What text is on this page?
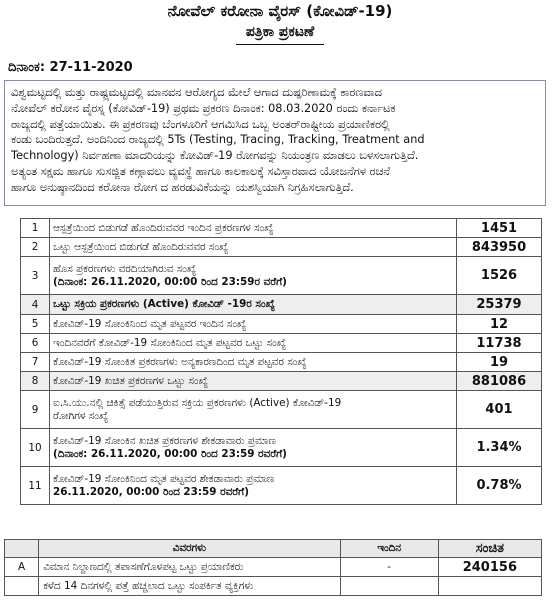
ನೋವೆಲ್ ಕರೋನಾ ವೈರಸ್ (ಕೋವಿಡ್-19)
ಪತ್ರಿಕಾ ಪ್ರಕಟಣೆ
ದಿನಾಂಕ: 27-11-2020
ವಿಶ್ವಮಟ್ಟದಲ್ಲಿ ಮತ್ತು ರಾಷ್ಟ್ರಮಟ್ಟದಲ್ಲಿ ಮಾನವನ ಆರೋಗ್ಯದ ಮೇಲೆ ಆಗಾದ ದುಷ್ಪರಿಣಾಮಕ್ಕೆ ಕಾರಣವಾದ
ನೋವೆಲ್ ಕರೋನ ವೈರಸ್ನ (ಕೋವಿಡ್-19) ಪ್ರಥಮ ಪ್ರಕರಣ ದಿನಾಂಕ: 08.03.2020 ರಂದು ಕರ್ನಾಟಕ
ರಾಜ್ಯದಲ್ಲಿ ಪತ್ತೆಯಾಯಿತು. ಈ ಪ್ರಕರಣವು ಬೆಂಗಳೂರಿಗೆ ಆಗಮಿಸಿದ ಒಬ್ಬ ಅಂತರ್‌ರಾಷ್ಟ್ರೀಯ ಪ್ರಯಾಣಿಕರಲ್ಲಿ
ಕಂಡು ಬಂದಿರುತ್ತದೆ. ಅಂದಿನಿಂದ ರಾಜ್ಯದಲ್ಲಿ 5Ts (Testing, Tracing, Tracking, Treatment and
Technology) ನಿರ್ವಹಣಾ ಮಾದರಿಯನ್ನು ಕೋವಿಡ್-19 ರೋಗವನ್ನು ನಿಯಂತ್ರಣ ಮಾಡಲು ಬಳಸಲಾಗುತ್ತಿದೆ.
ಅತ್ಯಂತ ಸಕ್ಷಮ ಹಾಗೂ ಸುಸಜ್ಜಿತ ಕಣ್ಗಾವಲು ವ್ಯವಸ್ಥೆ ಹಾಗೂ ಕಾಲಕಾಲಕ್ಕೆ ಸವಿಸ್ತಾರವಾದ ಯೋಜನೆಗಳ ರಚನೆ
ಹಾಗೂ ಅನುಷ್ಠಾನದಿಂದ ಕರೋನಾ ರೋಗ ದ ಹರಡುವಿಕೆಯನ್ನು ಯಶಸ್ವಿಯಾಗಿ ನಿಗ್ರಹಿಸಲಾಗುತ್ತಿದೆ.
1	ಆಸ್ಪತ್ರೆಯಿಂದ ಬಿಡುಗಡೆ ಹೊಂದಿರುವವರ ಇಂದಿನ ಪ್ರಕರಣಗಳ ಸಂಖ್ಯೆ	1451
2	ಒಟ್ಟು ಆಸ್ಪತ್ರೆಯಿಂದ ಬಿಡುಗಡೆ ಹೊಂದಿರುವವರ ಸಂಖ್ಯೆ	843950
3	ಹೊಸ ಪ್ರಕರಣಗಳು ವರದಿಯಾಗಿರುವ ಸಂಖ್ಯೆ
(ದಿನಾಂಕ: 26.11.2020, 00:00 ರಿಂದ 23:59ರ ವರೆಗೆ)	1526
4	ಒಟ್ಟು ಸಕ್ರಿಯ ಪ್ರಕರಣಗಳು (Active) ಕೋವಿಡ್ -19ರ ಸಂಖ್ಯೆ	25379
5	ಕೋವಿಡ್-19 ಸೋಂಕಿನಿಂದ ಮೃತ ಪಟ್ಟವರ ಇಂದಿನ ಸಂಖ್ಯೆ	12
6	ಇಂದಿನವರೆಗೆ ಕೋವಿಡ್-19 ಸೋಂಕಿನಿಂದ ಮೃತ ಪಟ್ಟವರ ಒಟ್ಟು ಸಂಖ್ಯೆ	11738
7	ಕೋವಿಡ್-19 ಸೋಂಕಿತ ಪ್ರಕರಣಗಳು ಅನ್ಯಕಾರಣದಿಂದ ಮೃತ ಪಟ್ಟವರ ಸಂಖ್ಯೆ	19
8	ಕೋವಿಡ್-19 ಖಚಿತ ಪ್ರಕರಣಗಳ ಒಟ್ಟು ಸಂಖ್ಯೆ	881086
9	ಐ.ಸಿ.ಯು.ನಲ್ಲಿ ಚಿಕಿತ್ಸೆ ಪಡೆಯುತ್ತಿರುವ ಸಕ್ರಿಯ ಪ್ರಕರಣಗಳು (Active) ಕೋವಿಡ್-19
ರೋಗಿಗಳ ಸಂಖ್ಯೆ	401
10	ಕೋವಿಡ್-19 ಸೋಂಕಿನ ಖಚಿತ ಪ್ರಕರಣಗಳ ಶೇಕಡಾವಾರು ಪ್ರಮಾಣ
(ದಿನಾಂಕ: 26.11.2020, 00:00 ರಿಂದ 23:59 ರವರೆಗೆ)	1.34%
11	ಕೋವಿಡ್-19 ಸೋಂಕಿನಿಂದ ಮೃತ ಪಟ್ಟವರ ಶೇಕಡಾವಾರು ಪ್ರಮಾಣ
26.11.2020, 00:00 ರಿಂದ 23:59 ರವರೆಗೆ)	0.78%
	ವಿವರಗಳು	ಇಂದಿನ	ಸಂಚಿತ
A	ವಿಮಾನ ನಿಲ್ದಾಣದಲ್ಲಿ ತಪಾಸಣೆಗೊಳಪಟ್ಟ ಒಟ್ಟು ಪ್ರಯಾಣಿಕರು	-	240156
	ಕಳೆದ 14 ದಿನಗಳಲ್ಲಿ ಪತ್ತೆ ಹಚ್ಚಲಾದ ಒಟ್ಟು ಸಂಪರ್ಕಿತ ವ್ಯಕ್ತಿಗಳು		
